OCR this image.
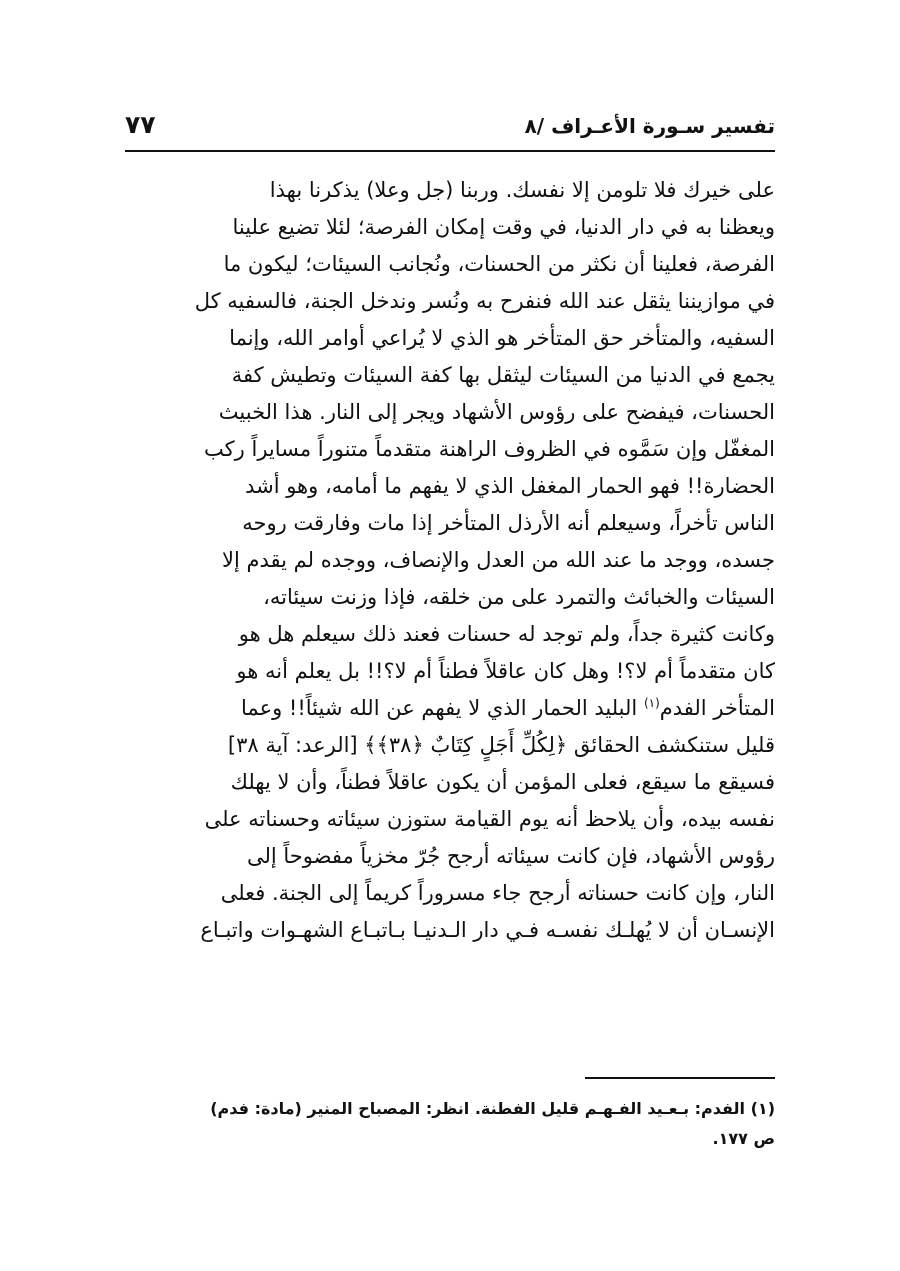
تفسير سـورة الأعـراف /٨
٧٧
على خيرك فلا تلومن إلا نفسك. وربنا (جل وعلا) يذكرنا بهذا
ويعظنا به في دار الدنيا، في وقت إمكان الفرصة؛ لئلا تضيع علينا
الفرصة، فعلينا أن نكثر من الحسنات، ونُجانب السيئات؛ ليكون ما
في موازيننا يثقل عند الله فنفرح به ونُسر وندخل الجنة، فالسفيه كل
السفيه، والمتأخر حق المتأخر هو الذي لا يُراعي أوامر الله، وإنما
يجمع في الدنيا من السيئات ليثقل بها كفة السيئات وتطيش كفة
الحسنات، فيفضح على رؤوس الأشهاد ويجر إلى النار. هذا الخبيث
المغفّل وإن سَمَّوه في الظروف الراهنة متقدماً متنوراً مسايراً ركب
الحضارة!! فهو الحمار المغفل الذي لا يفهم ما أمامه، وهو أشد
الناس تأخراً، وسيعلم أنه الأرذل المتأخر إذا مات وفارقت روحه
جسده، ووجد ما عند الله من العدل والإنصاف، ووجده لم يقدم إلا
السيئات والخبائث والتمرد على من خلقه، فإذا وزنت سيئاته،
وكانت كثيرة جداً، ولم توجد له حسنات فعند ذلك سيعلم هل هو
كان متقدماً أم لا؟! وهل كان عاقلاً فطناً أم لا؟!! بل يعلم أنه هو
المتأخر الفدم$^{(١)}$ البليد الحمار الذي لا يفهم عن الله شيئاً!! وعما
قليل ستنكشف الحقائق ﴿لِكُلِّ أَجَلٍ كِتَابٌ ﴿٣٨﴾﴾ [الرعد: آية ٣٨]
فسيقع ما سيقع، فعلى المؤمن أن يكون عاقلاً فطناً، وأن لا يهلك
نفسه بيده، وأن يلاحظ أنه يوم القيامة ستوزن سيئاته وحسناته على
رؤوس الأشهاد، فإن كانت سيئاته أرجح جُرّ مخزياً مفضوحاً إلى
النار، وإن كانت حسناته أرجح جاء مسروراً كريماً إلى الجنة. فعلى
الإنسـان أن لا يُهلـك نفسـه فـي دار الـدنيـا بـاتبـاع الشهـوات واتبـاع
(١) الفدم: بـعـيد الفـهـم قليل الفطنة. انظر: المصباح المنير (مادة: فدم)
ص ١٧٧.
